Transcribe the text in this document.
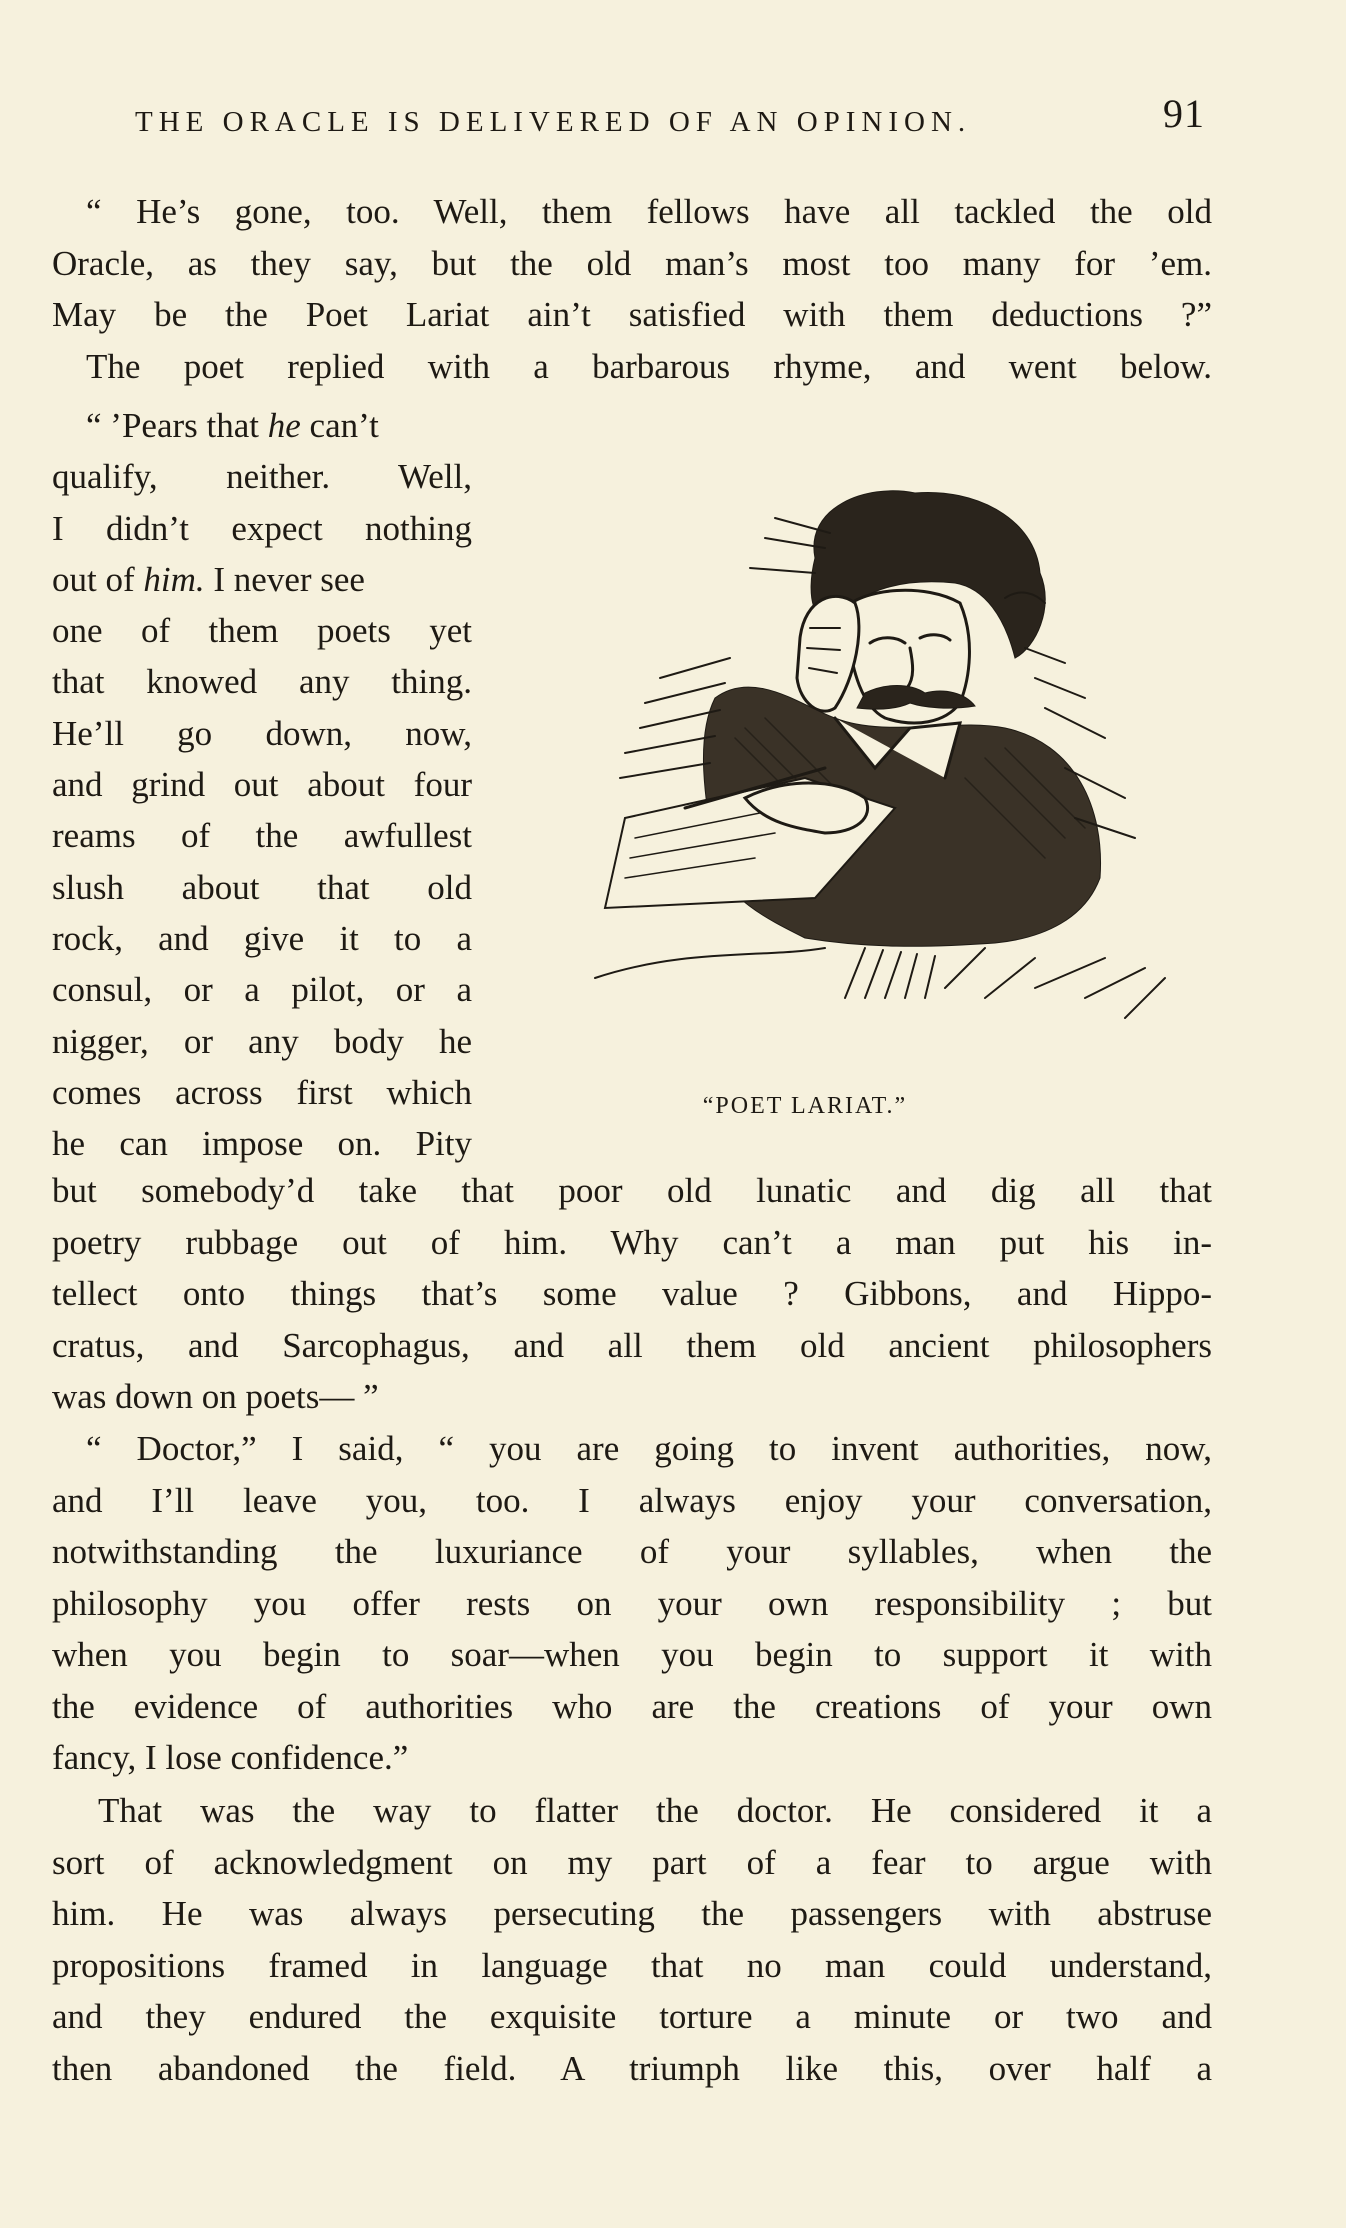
THE ORACLE IS DELIVERED OF AN OPINION.	91

“ He’s gone, too. Well, them fellows have all tackled the old
Oracle, as they say, but the old man’s most too many for ’em.
May be the Poet Lariat ain’t satisfied with them deductions ?”
The poet replied with a barbarous rhyme, and went below.

“ ’Pears that he can’t
qualify, neither. Well,
I didn’t expect nothing
out of him. I never see
one of them poets yet
that knowed any thing.
He’ll go down, now,
and grind out about four
reams of the awfullest
slush about that old
rock, and give it to a
consul, or a pilot, or a
nigger, or any body he
comes across first which
he can impose on. Pity
“POET LARIAT.”

but somebody’d take that poor old lunatic and dig all that
poetry rubbage out of him. Why can’t a man put his in-
tellect onto things that’s some value ? Gibbons, and Hippo-
cratus, and Sarcophagus, and all them old ancient philosophers
was down on poets— ”

“ Doctor,” I said, “ you are going to invent authorities, now,
and I’ll leave you, too. I always enjoy your conversation,
notwithstanding the luxuriance of your syllables, when the
philosophy you offer rests on your own responsibility ; but
when you begin to soar—when you begin to support it with
the evidence of authorities who are the creations of your own
fancy, I lose confidence.”

That was the way to flatter the doctor. He considered it a
sort of acknowledgment on my part of a fear to argue with
him. He was always persecuting the passengers with abstruse
propositions framed in language that no man could understand,
and they endured the exquisite torture a minute or two and
then abandoned the field. A triumph like this, over half a
